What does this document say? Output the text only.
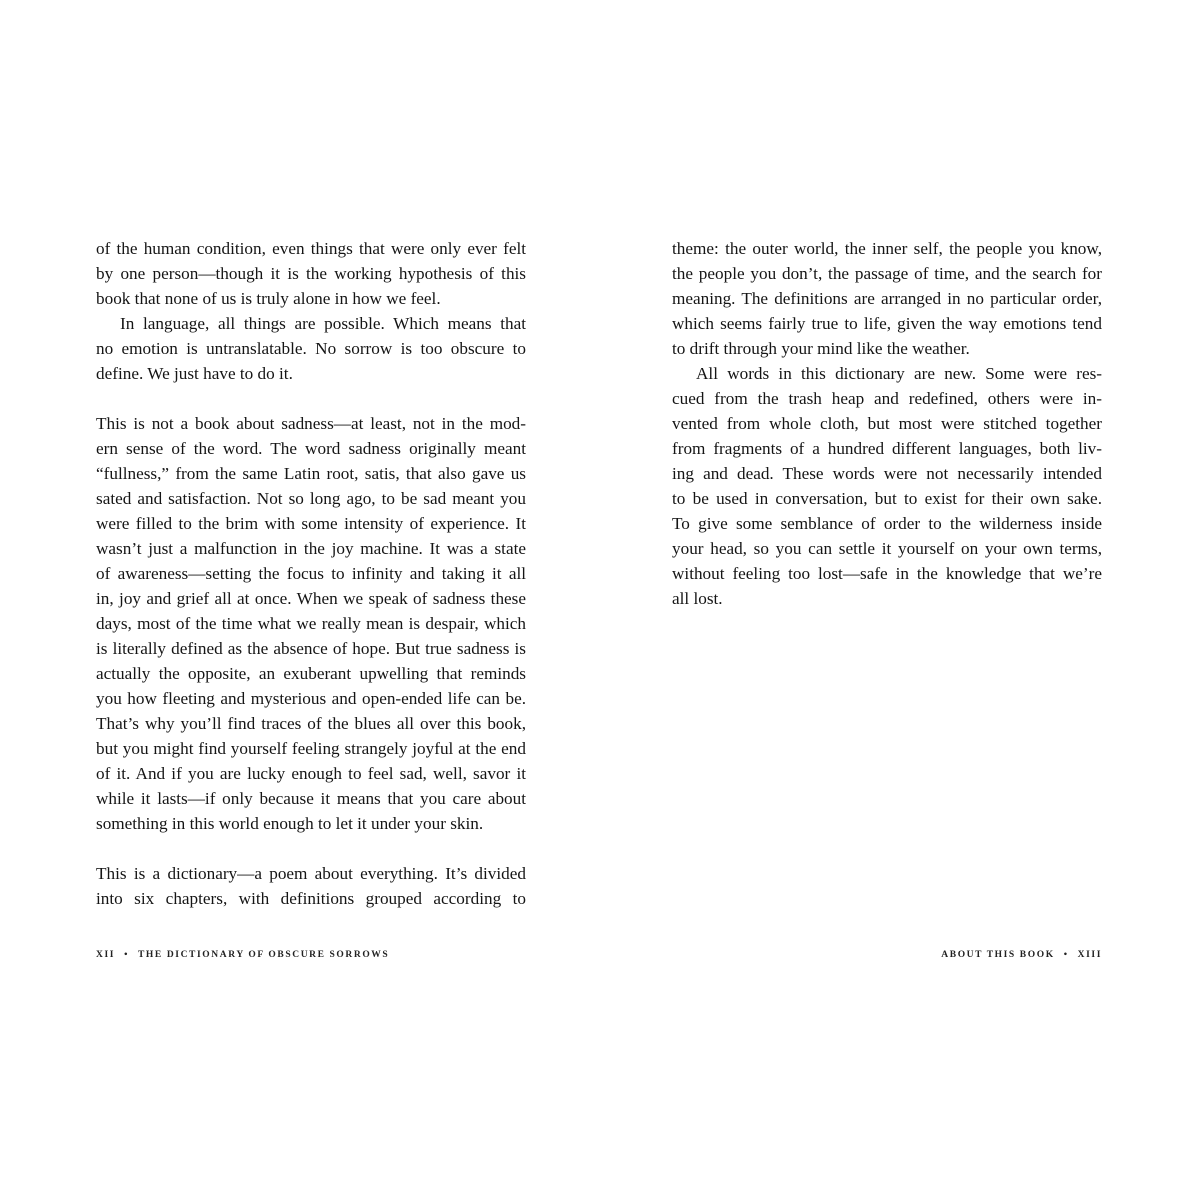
of the human condition, even things that were only ever felt
by one person—though it is the working hypothesis of this
book that none of us is truly alone in how we feel.
In language, all things are possible. Which means that
no emotion is untranslatable. No sorrow is too obscure to
define. We just have to do it.
This is not a book about sadness—at least, not in the mod-
ern sense of the word. The word sadness originally meant
“fullness,” from the same Latin root, satis, that also gave us
sated and satisfaction. Not so long ago, to be sad meant you
were filled to the brim with some intensity of experience. It
wasn’t just a malfunction in the joy machine. It was a state
of awareness—setting the focus to infinity and taking it all
in, joy and grief all at once. When we speak of sadness these
days, most of the time what we really mean is despair, which
is literally defined as the absence of hope. But true sadness is
actually the opposite, an exuberant upwelling that reminds
you how fleeting and mysterious and open-ended life can be.
That’s why you’ll find traces of the blues all over this book,
but you might find yourself feeling strangely joyful at the end
of it. And if you are lucky enough to feel sad, well, savor it
while it lasts—if only because it means that you care about
something in this world enough to let it under your skin.
This is a dictionary—a poem about everything. It’s divided
into six chapters, with definitions grouped according to
theme: the outer world, the inner self, the people you know,
the people you don’t, the passage of time, and the search for
meaning. The definitions are arranged in no particular order,
which seems fairly true to life, given the way emotions tend
to drift through your mind like the weather.
All words in this dictionary are new. Some were res-
cued from the trash heap and redefined, others were in-
vented from whole cloth, but most were stitched together
from fragments of a hundred different languages, both liv-
ing and dead. These words were not necessarily intended
to be used in conversation, but to exist for their own sake.
To give some semblance of order to the wilderness inside
your head, so you can settle it yourself on your own terms,
without feeling too lost—safe in the knowledge that we’re
all lost.
XII • THE DICTIONARY OF OBSCURE SORROWS	ABOUT THIS BOOK • XIII
